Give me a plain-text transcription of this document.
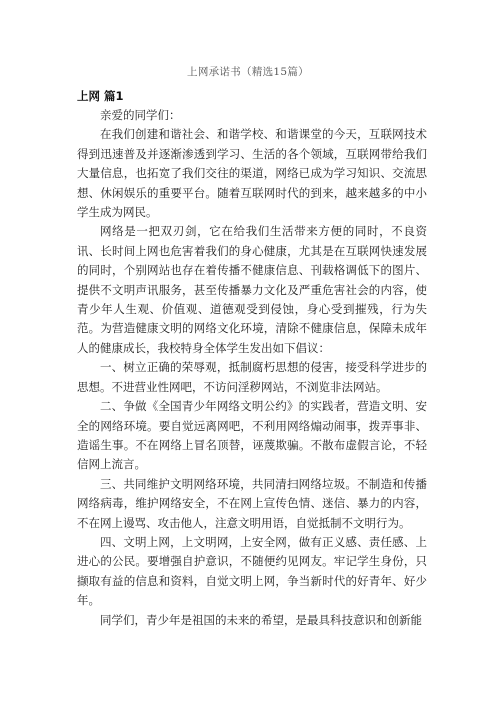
上网承诺书（精选15篇）
上网 篇1

亲爱的同学们：

在我们创建和谐社会、和谐学校、和谐课堂的今天，互联网技术得到迅速普及并逐渐渗透到学习、生活的各个领域，互联网带给我们大量信息，也拓宽了我们交往的渠道，网络已成为学习知识、交流思想、休闲娱乐的重要平台。随着互联网时代的到来，越来越多的中小学生成为网民。

网络是一把双刃剑，它在给我们生活带来方便的同时，不良资讯、长时间上网也危害着我们的身心健康，尤其是在互联网快速发展的同时，个别网站也存在着传播不健康信息、刊载格调低下的图片、提供不文明声讯服务，甚至传播暴力文化及严重危害社会的内容，使青少年人生观、价值观、道德观受到侵蚀，身心受到摧残，行为失范。为营造健康文明的网络文化环境，清除不健康信息，保障未成年人的健康成长，我校特身全体学生发出如下倡议：

一、树立正确的荣辱观，抵制腐朽思想的侵害，接受科学进步的思想。不进营业性网吧，不访问淫秽网站，不浏览非法网站。

二、争做《全国青少年网络文明公约》的实践者，营造文明、安全的网络环境。要自觉远离网吧，不利用网络煽动闹事，拨弄事非、造谣生事。不在网络上冒名顶替，诬蔑欺骗。不散布虚假言论，不轻信网上流言。

三、共同维护文明网络环境，共同清扫网络垃圾。不制造和传播网络病毒，维护网络安全，不在网上宣传色情、迷信、暴力的内容，不在网上谩骂、攻击他人，注意文明用语，自觉抵制不文明行为。

四、文明上网，上文明网，上安全网，做有正义感、责任感、上进心的公民。要增强自护意识，不随便约见网友。牢记学生身份，只撷取有益的信息和资料，自觉文明上网，争当新时代的好青年、好少年。

同学们，青少年是祖国的未来的希望，是最具科技意识和创新能
